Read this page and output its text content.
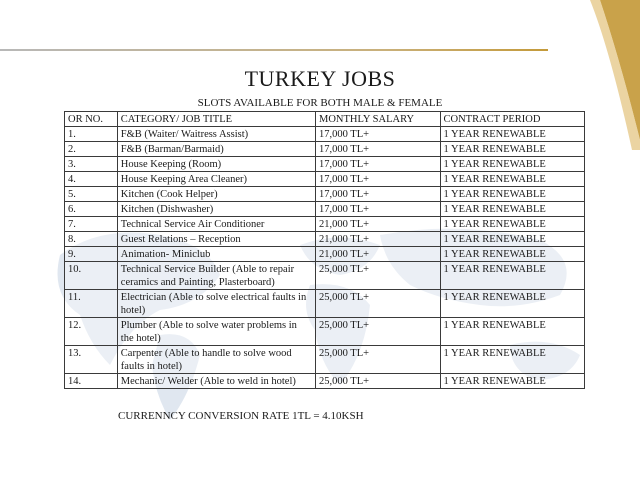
TURKEY JOBS
SLOTS AVAILABLE FOR BOTH MALE & FEMALE
OR NO.	CATEGORY/ JOB TITLE	MONTHLY SALARY	CONTRACT PERIOD
1.	F&B (Waiter/ Waitress Assist)	17,000 TL+	1 YEAR RENEWABLE
2.	F&B (Barman/Barmaid)	17,000 TL+	1 YEAR RENEWABLE
3.	House Keeping (Room)	17,000 TL+	1 YEAR RENEWABLE
4.	House Keeping Area Cleaner)	17,000 TL+	1 YEAR RENEWABLE
5.	Kitchen (Cook Helper)	17,000 TL+	1 YEAR RENEWABLE
6.	Kitchen (Dishwasher)	17,000 TL+	1 YEAR RENEWABLE
7.	Technical Service Air Conditioner	21,000 TL+	1 YEAR RENEWABLE
8.	Guest Relations – Reception	21,000 TL+	1 YEAR RENEWABLE
9.	Animation- Miniclub	21,000 TL+	1 YEAR RENEWABLE
10.	Technical Service Builder (Able to repair ceramics and Painting, Plasterboard)	25,000 TL+	1 YEAR RENEWABLE
11.	Electrician (Able to solve electrical faults in hotel)	25,000 TL+	1 YEAR RENEWABLE
12.	Plumber (Able to solve water problems in the hotel)	25,000 TL+	1 YEAR RENEWABLE
13.	Carpenter (Able to handle to solve wood faults in hotel)	25,000 TL+	1 YEAR RENEWABLE
14.	Mechanic/ Welder (Able to weld in hotel)	25,000 TL+	1 YEAR RENEWABLE
CURRENNCY CONVERSION RATE 1TL = 4.10KSH
